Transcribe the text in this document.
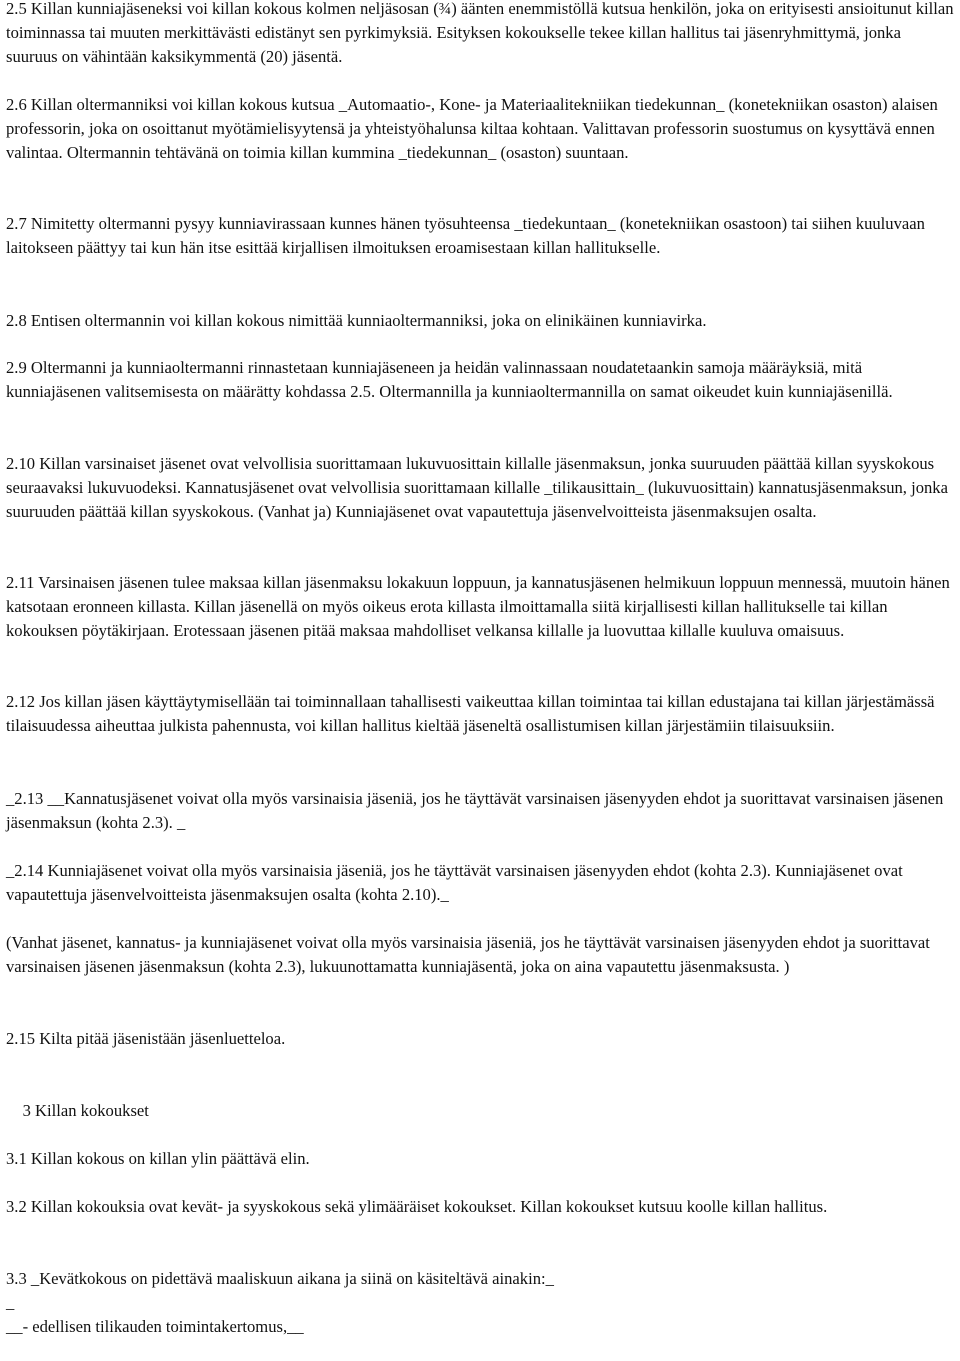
2.5 Killan kunniajäseneksi voi killan kokous kolmen neljäsosan (¾) äänten enemmistöllä kutsua henkilön, joka on erityisesti ansioitunut killan toiminnassa tai muuten merkittävästi edistänyt sen pyrkimyksiä. Esityksen kokoukselle tekee killan hallitus tai jäsenryhmittymä, jonka suuruus on vähintään kaksikymmentä (20) jäsentä.

2.6 Killan oltermanniksi voi killan kokous kutsua _Automaatio-, Kone- ja Materiaalitekniikan tiedekunnan_ (konetekniikan osaston) alaisen professorin, joka on osoittanut myötämielisyytensä ja yhteistyöhalunsa kiltaa kohtaan. Valittavan professorin suostumus on kysyttävä ennen valintaa. Oltermannin tehtävänä on toimia killan kummina _tiedekunnan_ (osaston) suuntaan.

2.7 Nimitetty oltermanni pysyy kunniavirassaan kunnes hänen työsuhteensa _tiedekuntaan_ (konetekniikan osastoon) tai siihen kuuluvaan laitokseen päättyy tai kun hän itse esittää kirjallisen ilmoituksen eroamisestaan killan hallitukselle.

2.8 Entisen oltermannin voi killan kokous nimittää kunniaoltermanniksi, joka on elinikäinen kunniavirka.

2.9 Oltermanni ja kunniaoltermanni rinnastetaan kunniajäseneen ja heidän valinnassaan noudatetaankin samoja määräyksiä, mitä kunniajäsenen valitsemisesta on määrätty kohdassa 2.5. Oltermannilla ja kunniaoltermannilla on samat oikeudet kuin kunniajäsenillä.

2.10 Killan varsinaiset jäsenet ovat velvollisia suorittamaan lukuvuosittain killalle jäsenmaksun, jonka suuruuden päättää killan syyskokous seuraavaksi lukuvuodeksi. Kannatusjäsenet ovat velvollisia suorittamaan killalle _tilikausittain_ (lukuvuosittain) kannatusjäsenmaksun, jonka suuruuden päättää killan syyskokous. (Vanhat ja) Kunniajäsenet ovat vapautettuja jäsenvelvoitteista jäsenmaksujen osalta.

2.11 Varsinaisen jäsenen tulee maksaa killan jäsenmaksu lokakuun loppuun, ja kannatusjäsenen helmikuun loppuun mennessä, muutoin hänen katsotaan eronneen killasta. Killan jäsenellä on myös oikeus erota killasta ilmoittamalla siitä kirjallisesti killan hallitukselle tai killan kokouksen pöytäkirjaan. Erotessaan jäsenen pitää maksaa mahdolliset velkansa killalle ja luovuttaa killalle kuuluva omaisuus.

2.12 Jos killan jäsen käyttäytymisellään tai toiminnallaan tahallisesti vaikeuttaa killan toimintaa tai killan edustajana tai killan järjestämässä tilaisuudessa aiheuttaa julkista pahennusta, voi killan hallitus kieltää jäseneltä osallistumisen killan järjestämiin tilaisuuksiin.

_2.13 __Kannatusjäsenet voivat olla myös varsinaisia jäseniä, jos he täyttävät varsinaisen jäsenyyden ehdot ja suorittavat varsinaisen jäsenen jäsenmaksun (kohta 2.3). _

_2.14 Kunniajäsenet voivat olla myös varsinaisia jäseniä, jos he täyttävät varsinaisen jäsenyyden ehdot (kohta 2.3). Kunniajäsenet ovat vapautettuja jäsenvelvoitteista jäsenmaksujen osalta (kohta 2.10)._

(Vanhat jäsenet, kannatus- ja kunniajäsenet voivat olla myös varsinaisia jäseniä, jos he täyttävät varsinaisen jäsenyyden ehdot ja suorittavat varsinaisen jäsenen jäsenmaksun (kohta 2.3), lukuunottamatta kunniajäsentä, joka on aina vapautettu jäsenmaksusta. )

2.15 Kilta pitää jäsenistään jäsenluetteloa.

3 Killan kokoukset

3.1 Killan kokous on killan ylin päättävä elin.

3.2 Killan kokouksia ovat kevät- ja syyskokous sekä ylimääräiset kokoukset. Killan kokoukset kutsuu koolle killan hallitus.

3.3 _Kevätkokous on pidettävä maaliskuun aikana ja siinä on käsiteltävä ainakin:_

_

__- edellisen tilikauden toimintakertomus,__
